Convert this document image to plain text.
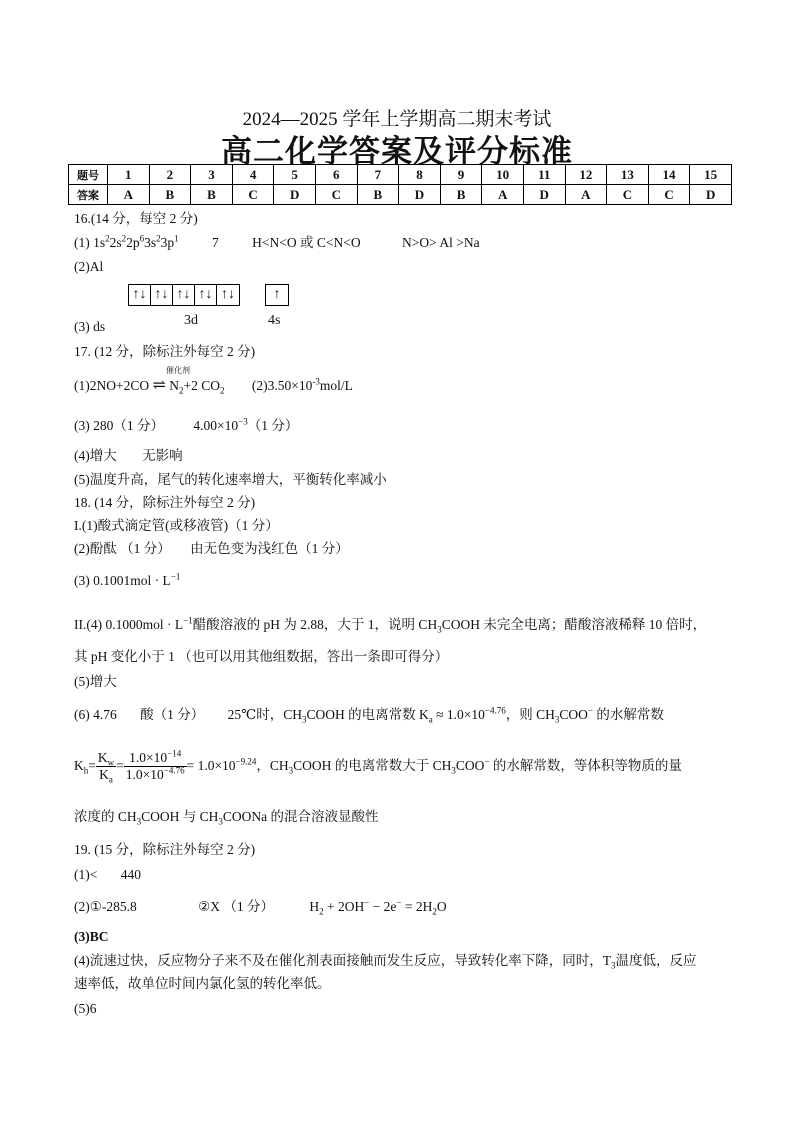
2024—2025 学年上学期高二期末考试
高二化学答案及评分标准
题号	1	2	3	4	5	6	7	8	9	10	11	12	13	14	15
答案	A	B	B	C	D	C	B	D	B	A	D	A	C	C	D
16.(14 分，每空 2 分)
(1) $1s^22s^22p^63s^23p^1$ 7 H<N<O 或 C<N<O	N>O> Al >Na
(2)Al
↑↓ ↑↓ ↑↓ ↑↓ ↑↓	↑
3d	4s
(3) ds
17. (12 分，除标注外每空 2 分)
催化剂
(1)2NO+2CO ⇌ $N_2+2$ $CO_2$ $(2)3.50\times 10^{-3}mol/L$
(3) 280（1 分） $4.00\times 10^{-3}(1$ 分）
(4)增大 无影响
(5)温度升高，尾气的转化速率增大，平衡转化率减小
18. (14 分，除标注外每空 2 分)
I.(1)酸式滴定管(或移液管)（1 分）
(2)酚酞 （1 分） 由无色变为浅红色（1 分）
(3) $0.1001mol \cdot L^{-1}$
II.(4) $0.1000mol \cdot L^{-1}$醋酸溶液的 pH 为 2.88，大于 1，说明 $CH_3COOH$ 未完全电离；醋酸溶液稀释 10 倍时，
其 pH 变化小于 1 （也可以用其他组数据，答出一条即可得分）
(5)增大
(6) 4.76 酸（1 分） 25℃时，$CH_3COOH$ 的电离常数 $K_a \approx 1.0\times 10^{-4.76}$，则 $CH_3COO^-$ 的水解常数
$K_h= \frac{K_w}{K_a} = \frac{1.0\times 10^{-14}}{1.0\times 10^{-4.76}} = 1.0\times 10^{-9.24}$，$CH_3COOH$ 的电离常数大于 $CH_3COO^-$ 的水解常数，等体积等物质的量
浓度的 $CH_3COOH$ 与 $CH_3COONa$ 的混合溶液显酸性
19. (15 分，除标注外每空 2 分)
(1)< 440
(2)①-285.8	②X （1 分）	$H_2 + 2OH^- - 2e^- = 2H_2O$
(3)BC
(4)流速过快，反应物分子来不及在催化剂表面接触而发生反应，导致转化率下降，同时，$T_3$温度低，反应
速率低，故单位时间内氯化氢的转化率低。
(5)6
